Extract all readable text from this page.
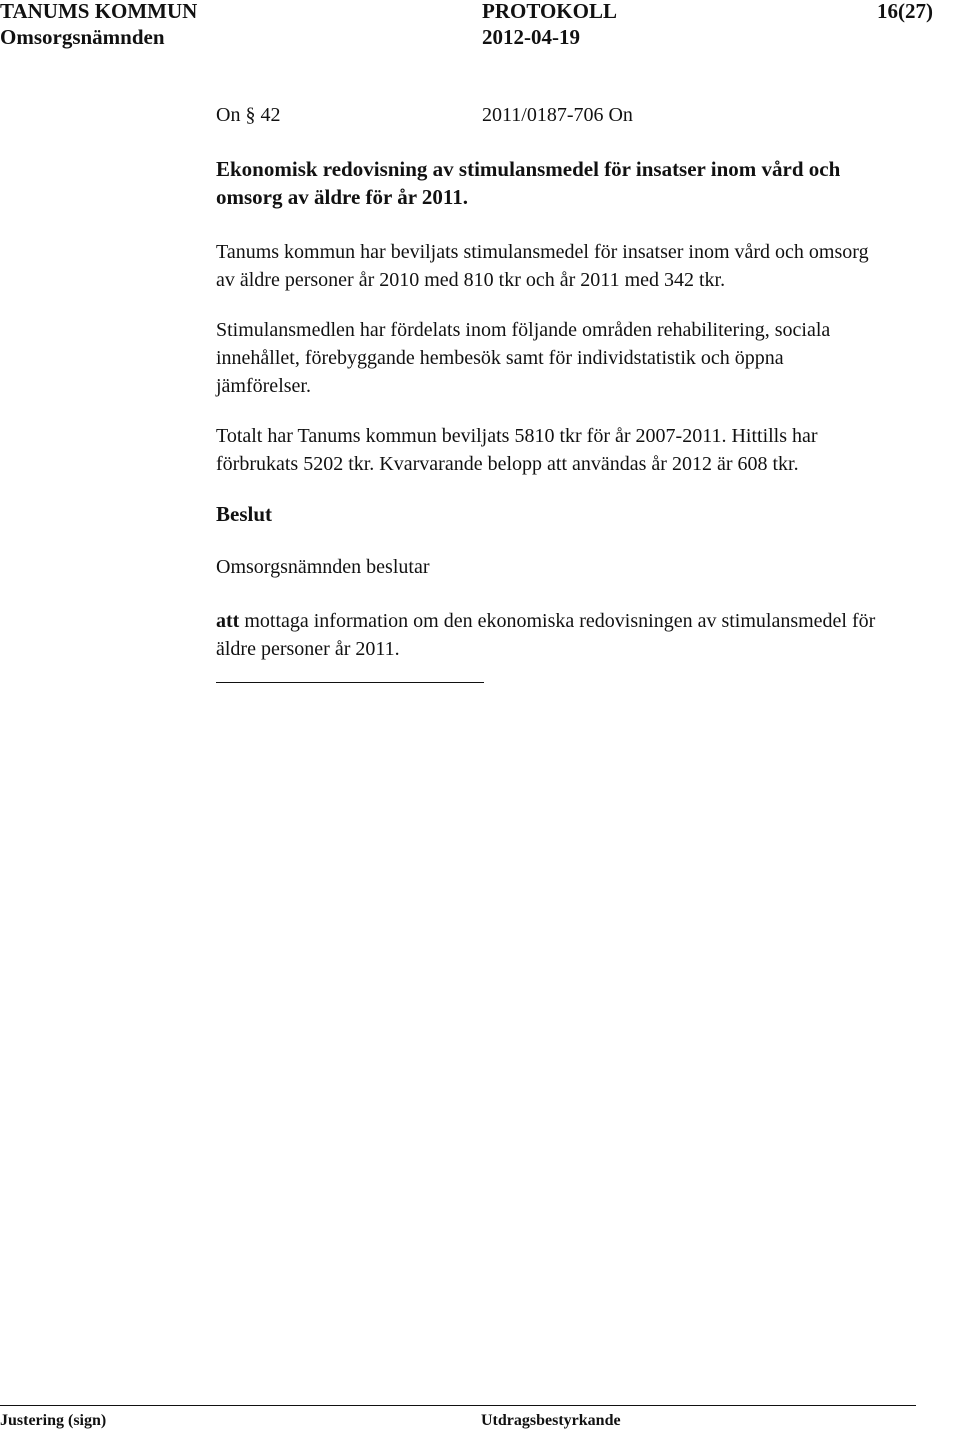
TANUMS KOMMUN	PROTOKOLL	16(27)
Omsorgsnämnden	2012-04-19
On § 42	2011/0187-706 On
Ekonomisk redovisning av stimulansmedel för insatser inom vård och
omsorg av äldre för år 2011.
Tanums kommun har beviljats stimulansmedel för insatser inom vård och omsorg
av äldre personer år 2010 med 810 tkr och år 2011 med 342 tkr.
Stimulansmedlen har fördelats inom följande områden rehabilitering, sociala
innehållet, förebyggande hembesök samt för individstatistik och öppna
jämförelser.
Totalt har Tanums kommun beviljats 5810 tkr för år 2007-2011. Hittills har
förbrukats 5202 tkr. Kvarvarande belopp att användas år 2012 är 608 tkr.
Beslut
Omsorgsnämnden beslutar
att mottaga information om den ekonomiska redovisningen av stimulansmedel för
äldre personer år 2011.
Justering (sign)	Utdragsbestyrkande
